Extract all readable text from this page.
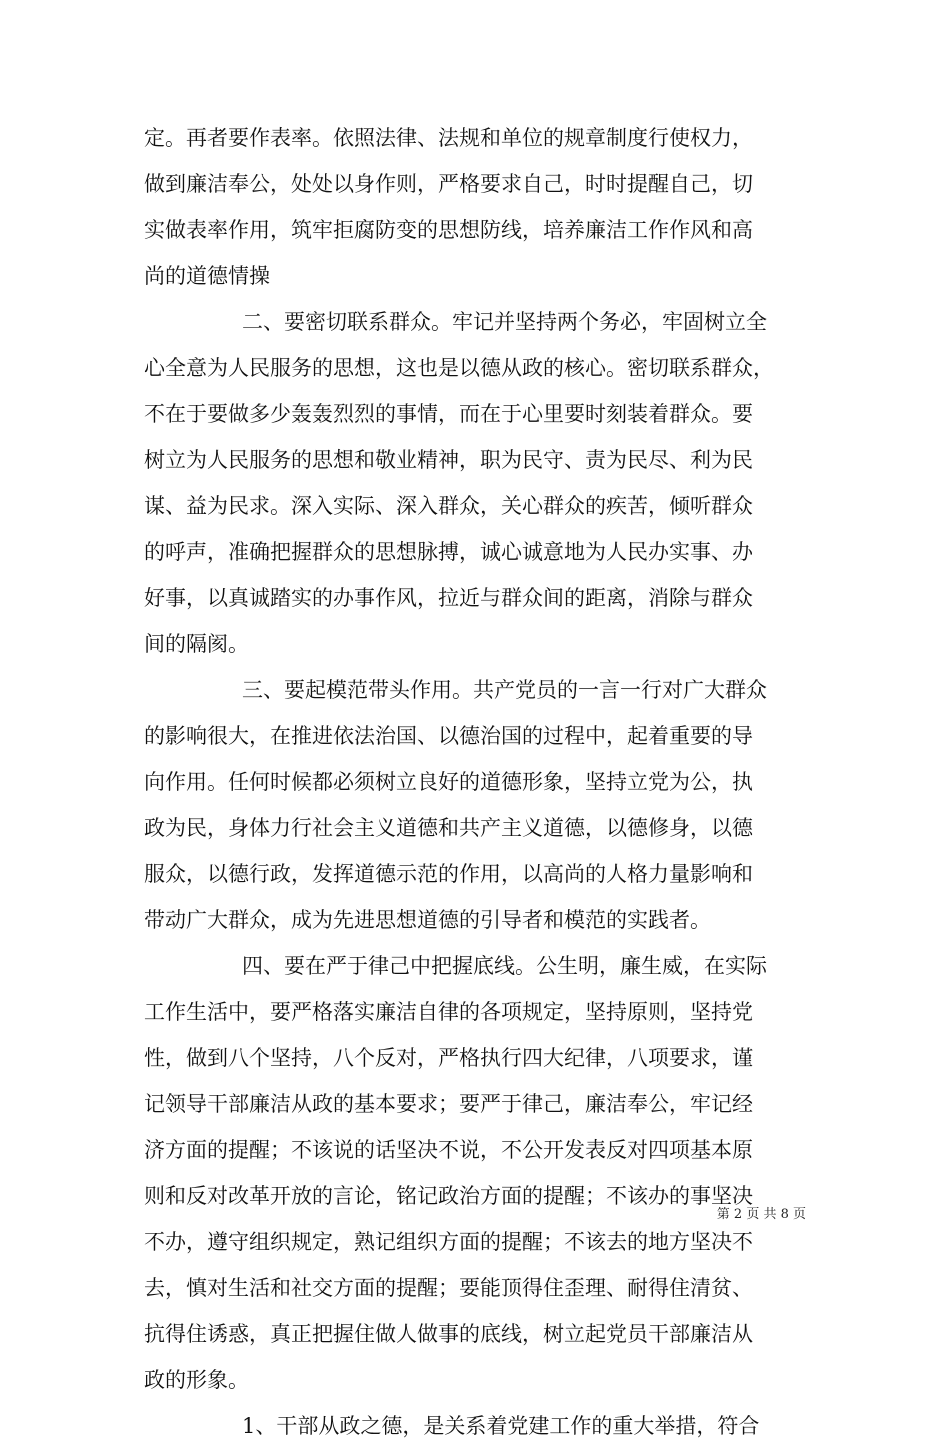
定。再者要作表率。依照法律、法规和单位的规章制度行使权力，
做到廉洁奉公，处处以身作则，严格要求自己，时时提醒自己，切
实做表率作用，筑牢拒腐防变的思想防线，培养廉洁工作作风和高
尚的道德情操
二、要密切联系群众。牢记并坚持两个务必，牢固树立全
心全意为人民服务的思想，这也是以德从政的核心。密切联系群众，
不在于要做多少轰轰烈烈的事情，而在于心里要时刻装着群众。要
树立为人民服务的思想和敬业精神，职为民守、责为民尽、利为民
谋、益为民求。深入实际、深入群众，关心群众的疾苦，倾听群众
的呼声，准确把握群众的思想脉搏，诚心诚意地为人民办实事、办
好事，以真诚踏实的办事作风，拉近与群众间的距离，消除与群众
间的隔阂。
三、要起模范带头作用。共产党员的一言一行对广大群众
的影响很大，在推进依法治国、以德治国的过程中，起着重要的导
向作用。任何时候都必须树立良好的道德形象，坚持立党为公，执
政为民，身体力行社会主义道德和共产主义道德，以德修身，以德
服众，以德行政，发挥道德示范的作用，以高尚的人格力量影响和
带动广大群众，成为先进思想道德的引导者和模范的实践者。
四、要在严于律己中把握底线。公生明，廉生威，在实际
工作生活中，要严格落实廉洁自律的各项规定，坚持原则，坚持党
性，做到八个坚持，八个反对，严格执行四大纪律，八项要求，谨
记领导干部廉洁从政的基本要求；要严于律己，廉洁奉公，牢记经
济方面的提醒；不该说的话坚决不说，不公开发表反对四项基本原
则和反对改革开放的言论，铭记政治方面的提醒；不该办的事坚决
不办，遵守组织规定，熟记组织方面的提醒；不该去的地方坚决不
去，慎对生活和社交方面的提醒；要能顶得住歪理、耐得住清贫、
抗得住诱惑，真正把握住做人做事的底线，树立起党员干部廉洁从
政的形象。
1、干部从政之德，是关系着党建工作的重大举措，符合
第 2 页 共 8 页
